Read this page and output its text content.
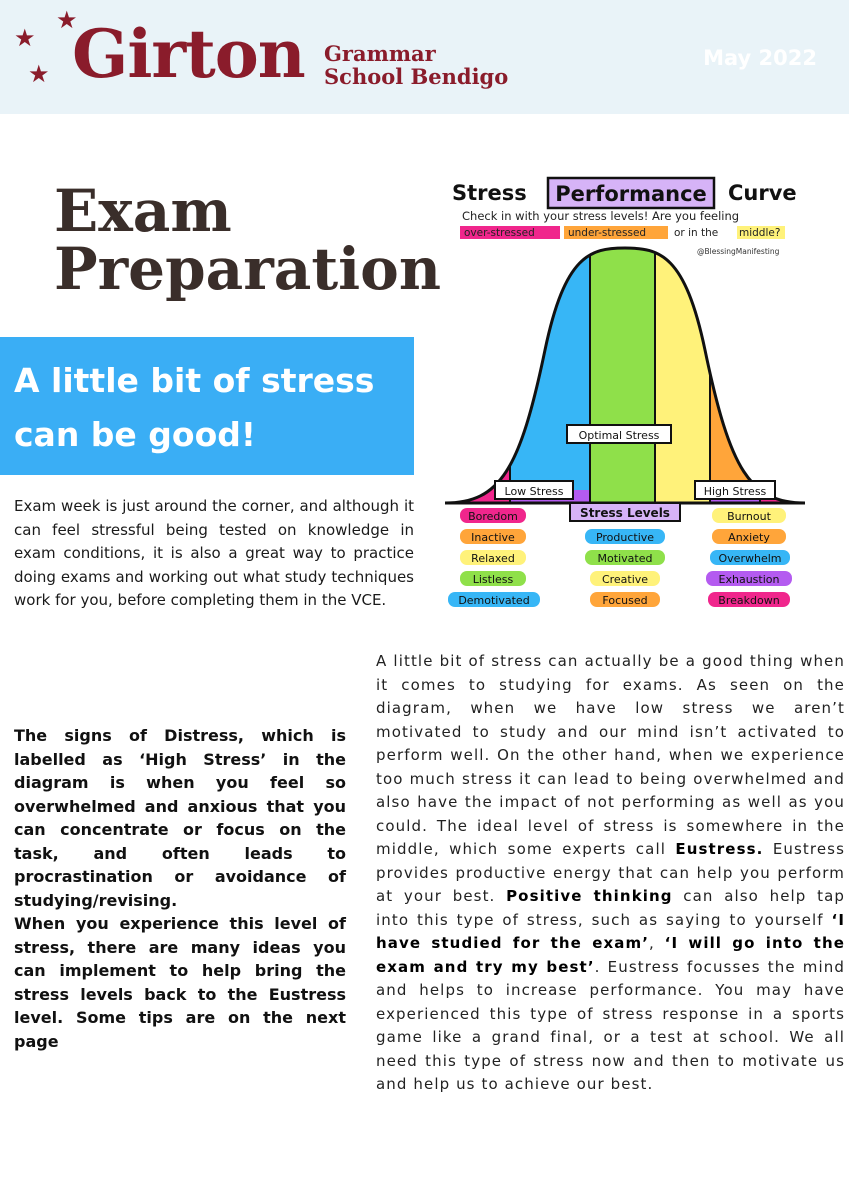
★
★
★ Girton Grammar
School Bendigo
May 2022
Exam
Preparation
A little bit of stress can be good!

Exam week is just around the corner, and although it can feel stressful being tested on knowledge in exam conditions, it is also a great way to practice doing exams and working out what study techniques work for you, before completing them in the VCE.

The signs of Distress, which is labelled as ‘High Stress’ in the diagram is when you feel so overwhelmed and anxious that you can concentrate or focus on the task, and often leads to procrastination or avoidance of studying/revising.

When you experience this level of stress, there are many ideas you can implement to help bring the stress levels back to the Eustress level. Some tips are on the next page

A little bit of stress can actually be a good thing when it comes to studying for exams. As seen on the diagram, when we have low stress we aren’t motivated to study and our mind isn’t activated to perform well. On the other hand, when we experience too much stress it can lead to being overwhelmed and also have the impact of not performing as well as you could. The ideal level of stress is somewhere in the middle, which some experts call Eustress. Eustress provides productive energy that can help you perform at your best. Positive thinking can also help tap into this type of stress, such as saying to yourself ‘I have studied for the exam’, ‘I will go into the exam and try my best’. Eustress focusses the mind and helps to increase performance. You may have experienced this type of stress response in a sports game like a grand final, or a test at school. We all need this type of stress now and then to motivate us and help us to achieve our best.

Stress Performance Curve
Check in with your stress levels! Are you feeling
over-stressed	under-stressed	or in the middle?
@BlessingManifesting
Optimal Stress
Low Stress	High Stress
Stress Levels
Boredom
Inactive
Relaxed
Listless
Demotivated
Productive
Motivated
Creative
Focused
Burnout
Anxiety
Overwhelm
Exhaustion
Breakdown
